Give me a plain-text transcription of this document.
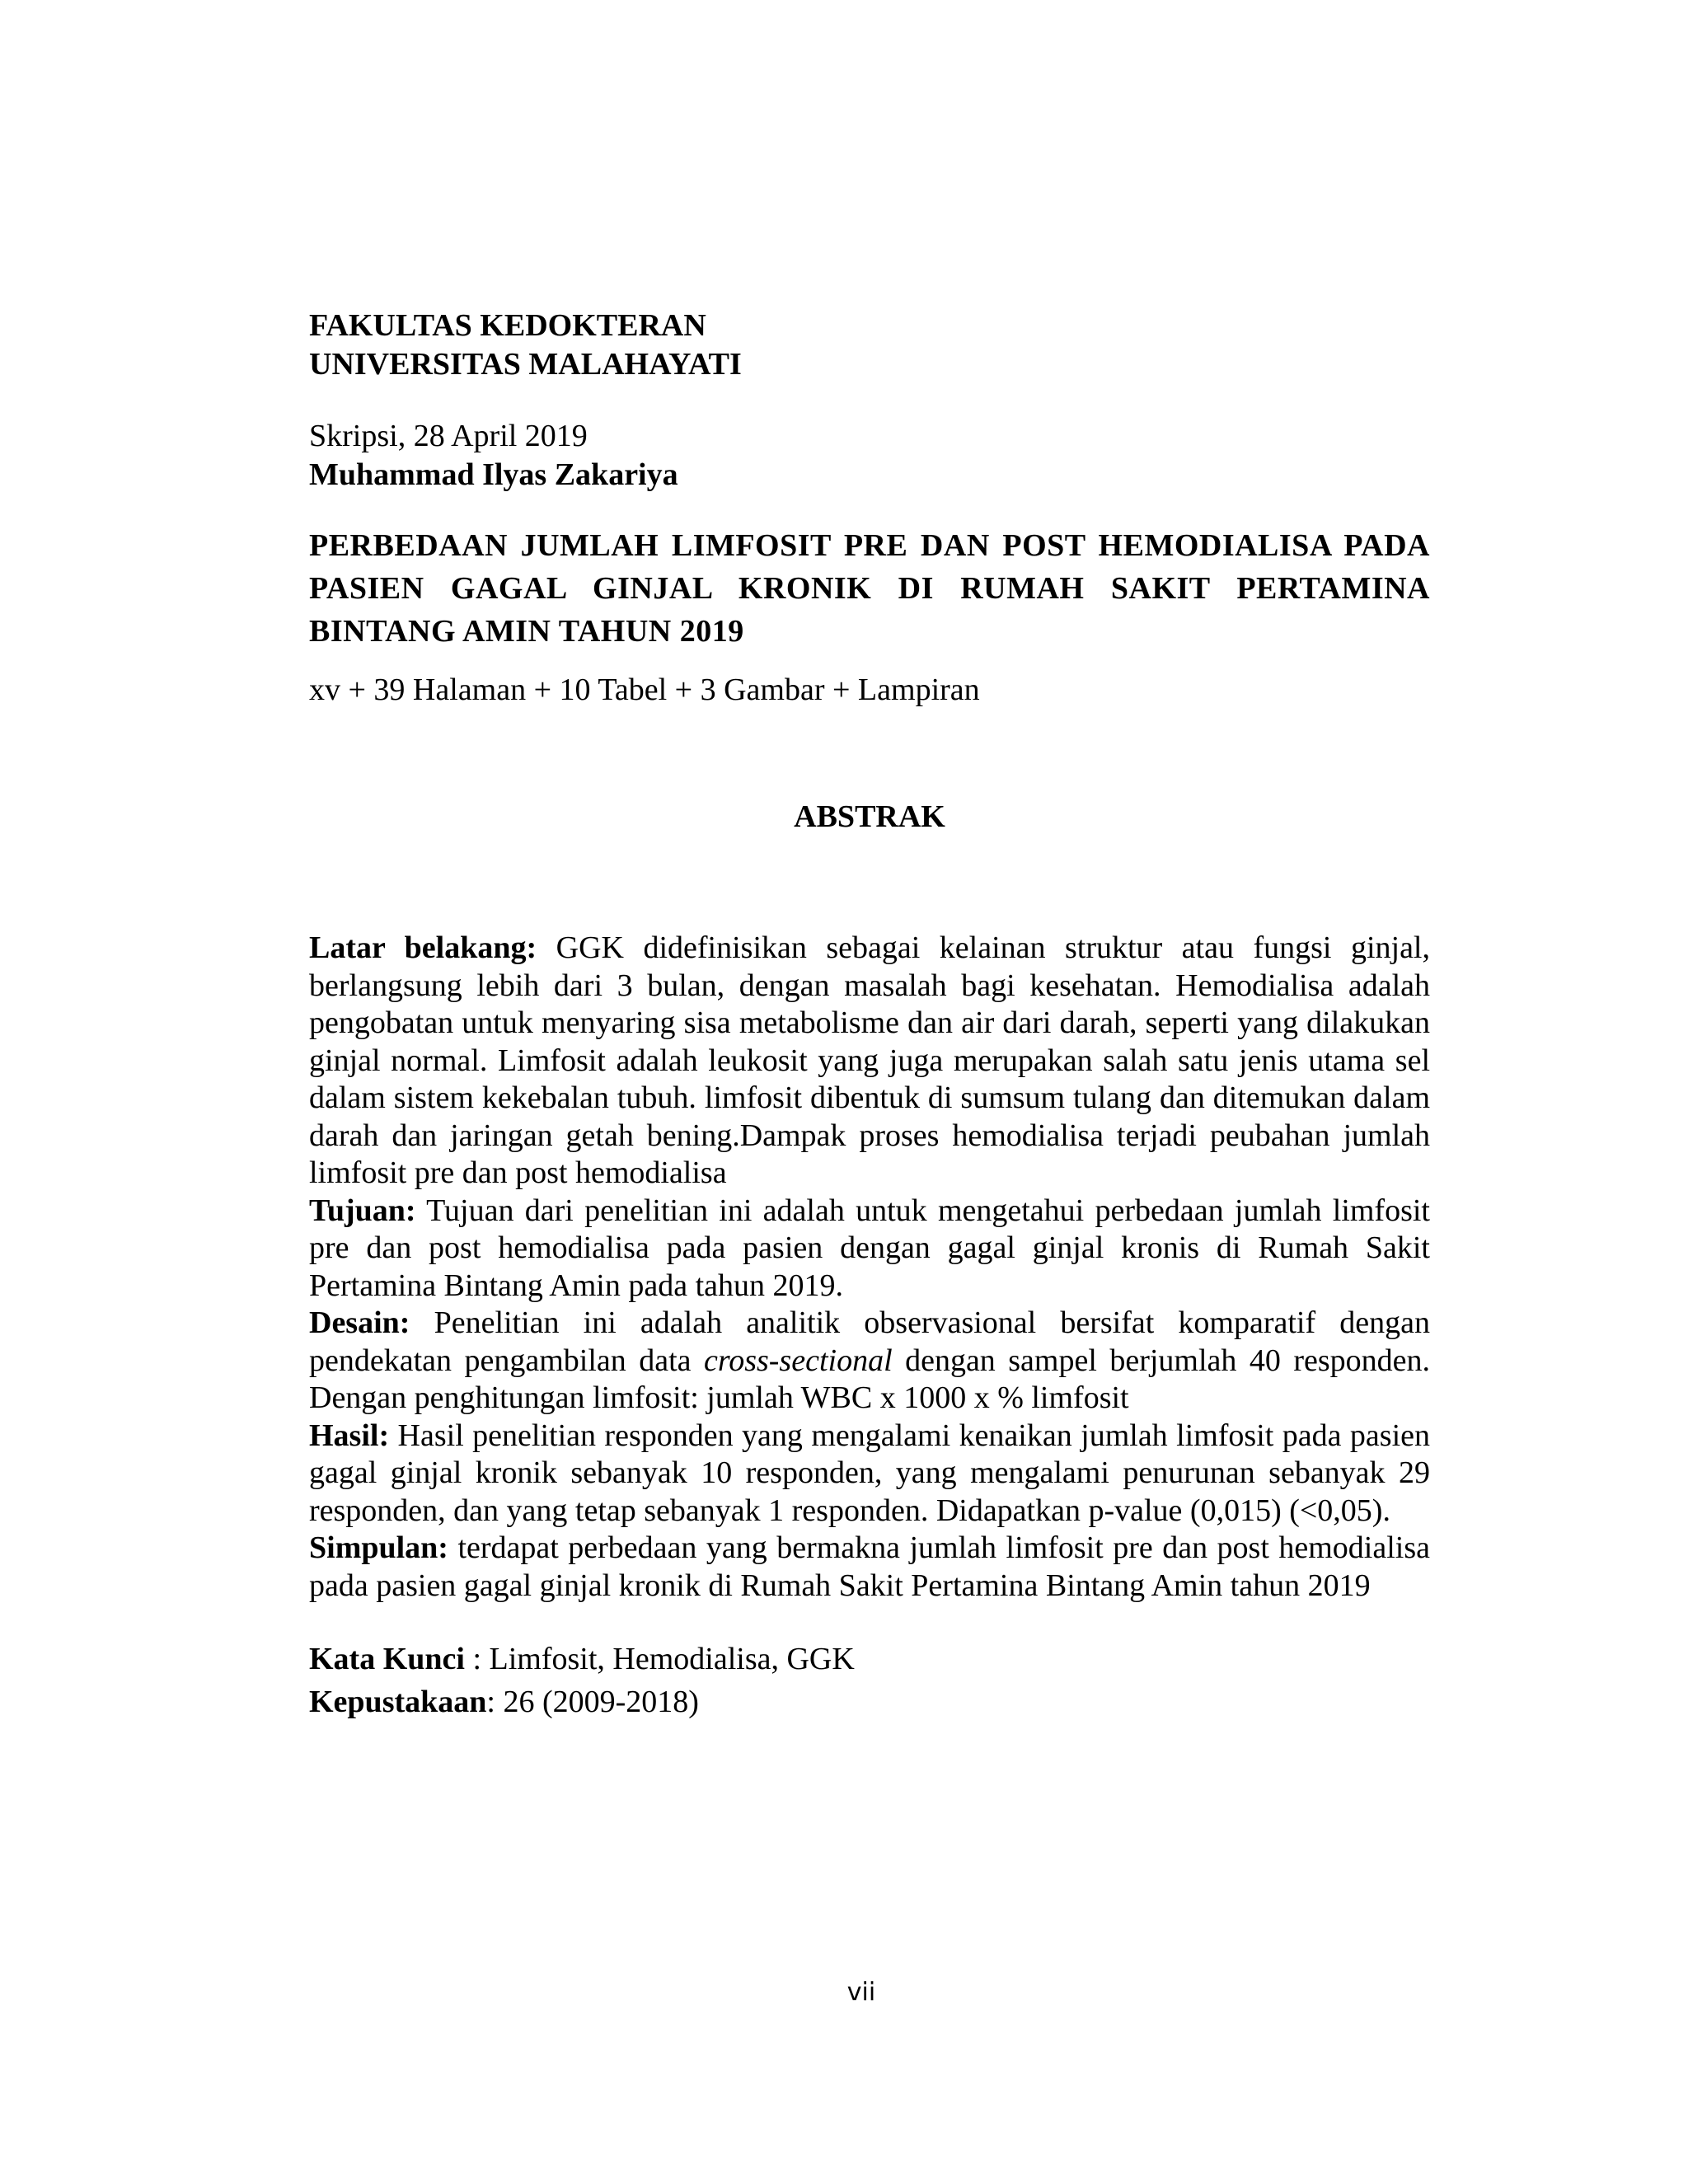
FAKULTAS KEDOKTERAN
UNIVERSITAS MALAHAYATI
Skripsi, 28 April 2019
Muhammad Ilyas Zakariya
PERBEDAAN JUMLAH LIMFOSIT PRE DAN POST HEMODIALISA PADA PASIEN GAGAL GINJAL KRONIK DI RUMAH SAKIT PERTAMINA BINTANG AMIN TAHUN 2019
xv + 39 Halaman + 10 Tabel + 3 Gambar + Lampiran
ABSTRAK

Latar belakang: GGK didefinisikan sebagai kelainan struktur atau fungsi ginjal, berlangsung lebih dari 3 bulan, dengan masalah bagi kesehatan. Hemodialisa adalah pengobatan untuk menyaring sisa metabolisme dan air dari darah, seperti yang dilakukan ginjal normal. Limfosit adalah leukosit yang juga merupakan salah satu jenis utama sel dalam sistem kekebalan tubuh. limfosit dibentuk di sumsum tulang dan ditemukan dalam darah dan jaringan getah bening.Dampak proses hemodialisa terjadi peubahan jumlah limfosit pre dan post hemodialisa

Tujuan: Tujuan dari penelitian ini adalah untuk mengetahui perbedaan jumlah limfosit pre dan post hemodialisa pada pasien dengan gagal ginjal kronis di Rumah Sakit Pertamina Bintang Amin pada tahun 2019.

Desain: Penelitian ini adalah analitik observasional bersifat komparatif dengan pendekatan pengambilan data cross-sectional dengan sampel berjumlah 40 responden. Dengan penghitungan limfosit: jumlah WBC x 1000 x % limfosit

Hasil: Hasil penelitian responden yang mengalami kenaikan jumlah limfosit pada pasien gagal ginjal kronik sebanyak 10 responden, yang mengalami penurunan sebanyak 29 responden, dan yang tetap sebanyak 1 responden. Didapatkan p-value (0,015) (<0,05).

Simpulan: terdapat perbedaan yang bermakna jumlah limfosit pre dan post hemodialisa pada pasien gagal ginjal kronik di Rumah Sakit Pertamina Bintang Amin tahun 2019

Kata Kunci : Limfosit, Hemodialisa, GGK
Kepustakaan: 26 (2009-2018)
vii
